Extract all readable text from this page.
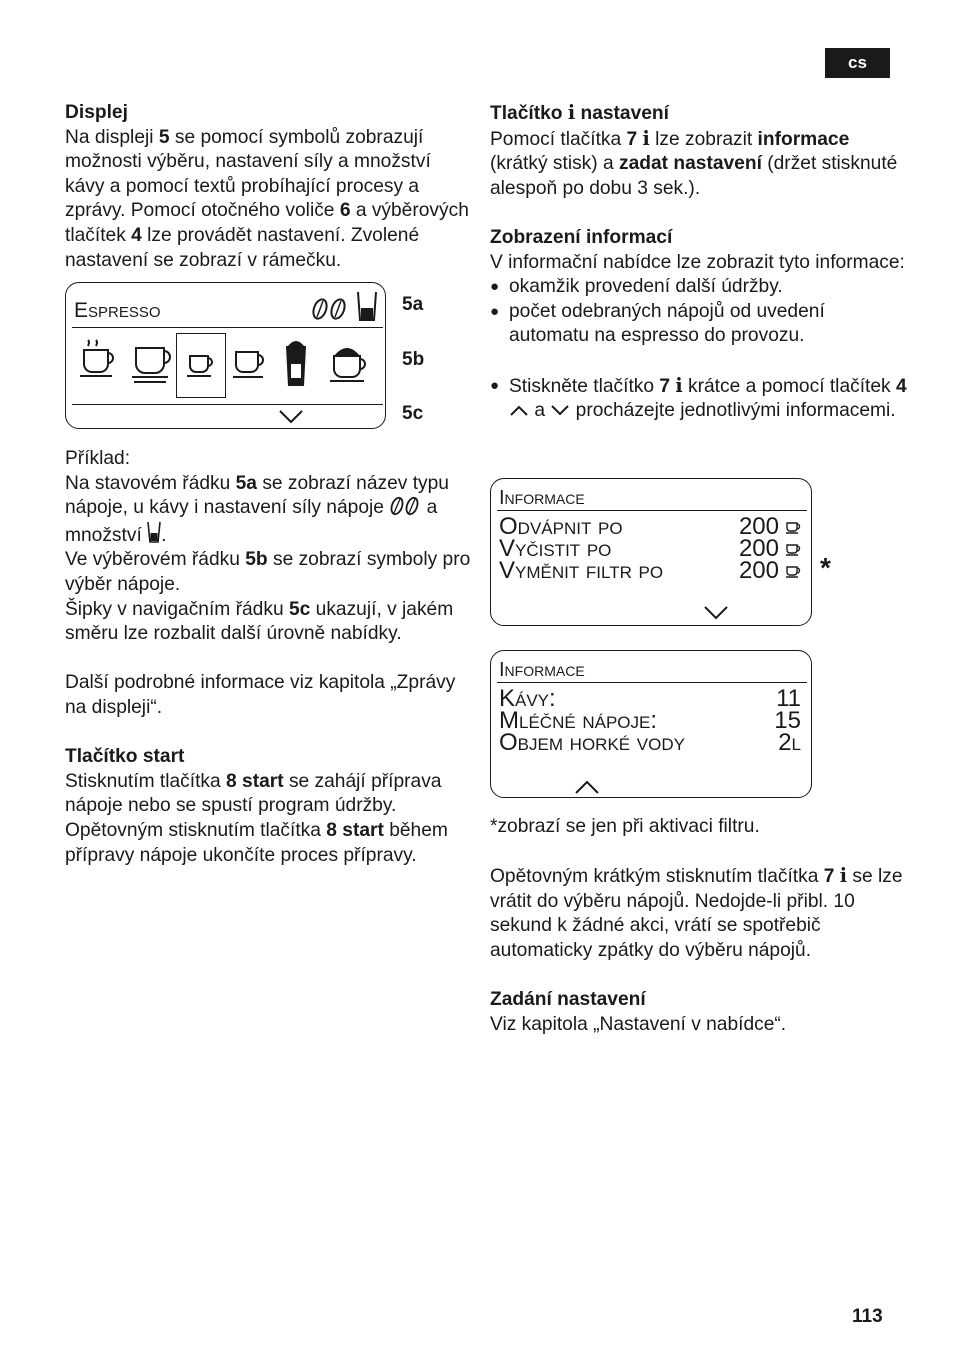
cs

Displej

Na displeji 5 se pomocí symbolů zobrazují možnosti výběru, nastavení síly a množství kávy a pomocí textů probíhající procesy a zprávy. Pomocí otočného voliče 6 a výběrových tlačítek 4 lze provádět nastavení. Zvolené nastavení se zobrazí v rámečku.

Espresso	5a
5b
5c

Příklad:

Na stavovém řádku 5a se zobrazí název typu nápoje, u kávy i nastavení síly nápoje  a množství .

Ve výběrovém řádku 5b se zobrazí symboly pro výběr nápoje.

Šipky v navigačním řádku 5c ukazují, v jakém směru lze rozbalit další úrovně nabídky.

Další podrobné informace viz kapitola „Zprávy na displeji“.

Tlačítko start

Stisknutím tlačítka 8 start se zahájí příprava nápoje nebo se spustí program údržby. Opětovným stisknutím tlačítka 8 start během přípravy nápoje ukončíte proces přípravy.

Tlačítko i nastavení

Pomocí tlačítka 7 i lze zobrazit informace (krátký stisk) a zadat nastavení (držet stisknuté alespoň po dobu 3 sek.).

Zobrazení informací

V informační nabídce lze zobrazit tyto informace:

● okamžik provedení další údržby.

● počet odebraných nápojů od uvedení automatu na espresso do provozu.

● Stiskněte tlačítko 7 i krátce a pomocí tlačítek 4  a  procházejte jednotlivými informacemi.

Informace
Odvápnit po	200
Vyčistit po	200
Vyměnit filtr po	200 *
Informace
Kávy:	11
Mléčné nápoje:	15
Objem horké vody	2l

*zobrazí se jen při aktivaci filtru.

Opětovným krátkým stisknutím tlačítka 7 i se lze vrátit do výběru nápojů. Nedojde-li přibl. 10 sekund k žádné akci, vrátí se spotřebič automaticky zpátky do výběru nápojů.

Zadání nastavení

Viz kapitola „Nastavení v nabídce“.

113
